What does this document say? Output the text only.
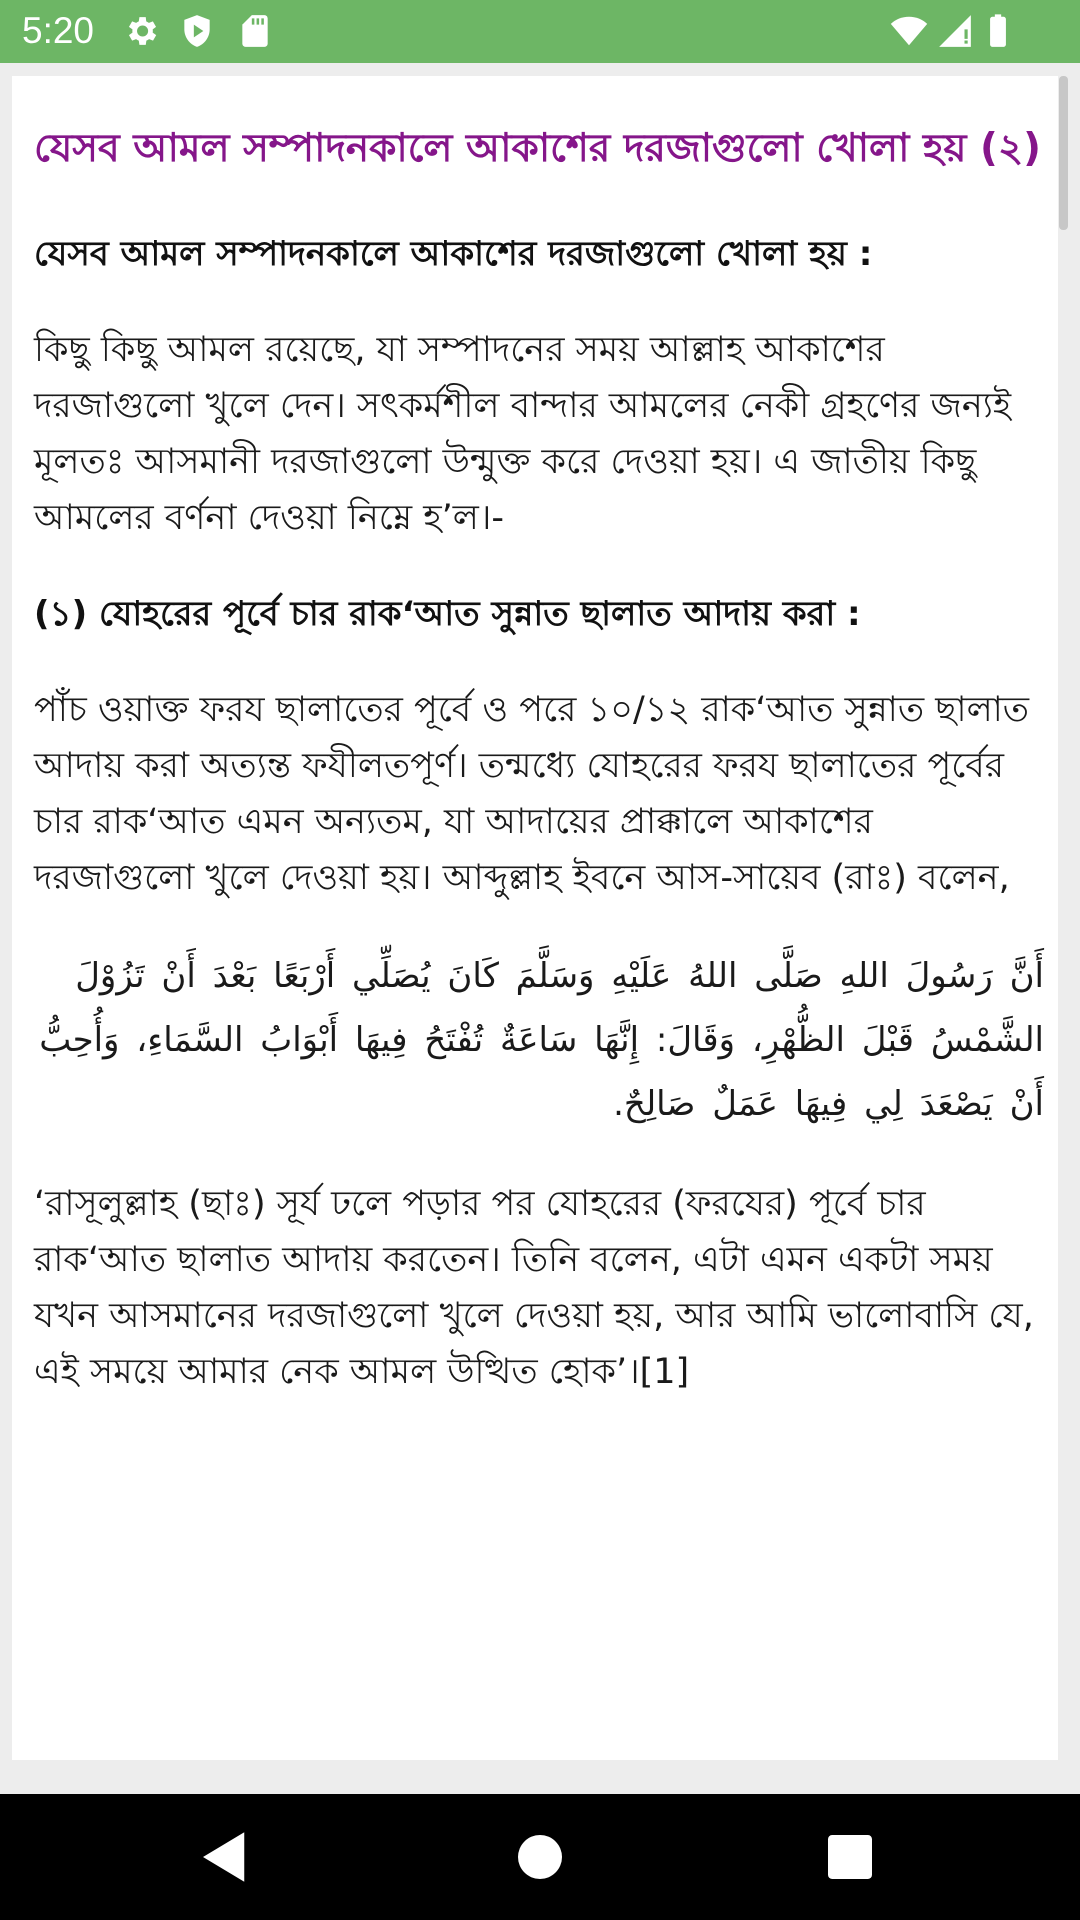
5:20
যেসব আমল সম্পাদনকালে আকাশের দরজাগুলো খোলা হয় (২)
যেসব আমল সম্পাদনকালে আকাশের দরজাগুলো খোলা হয় :

কিছু কিছু আমল রয়েছে, যা সম্পাদনের সময় আল্লাহ আকাশের দরজাগুলো খুলে দেন। সৎকর্মশীল বান্দার আমলের নেকী গ্রহণের জন্যই মূলতঃ আসমানী দরজাগুলো উন্মুক্ত করে দেওয়া হয়। এ জাতীয় কিছু আমলের বর্ণনা দেওয়া নিম্নে হ’ল।-

(১) যোহরের পূর্বে চার রাক‘আত সুন্নাত ছালাত আদায় করা :

পাঁচ ওয়াক্ত ফরয ছালাতের পূর্বে ও পরে ১০/১২ রাক‘আত সুন্নাত ছালাত আদায় করা অত্যন্ত ফযীলতপূর্ণ। তন্মধ্যে যোহরের ফরয ছালাতের পূর্বের চার রাক‘আত এমন অন্যতম, যা আদায়ের প্রাক্কালে আকাশের দরজাগুলো খুলে দেওয়া হয়। আব্দুল্লাহ ইবনে আস-সায়েব (রাঃ) বলেন,

أَنَّ رَسُولَ اللهِ صَلَّى اللهُ عَلَيْهِ وَسَلَّمَ كَانَ يُصَلِّي أَرْبَعًا بَعْدَ أَنْ تَزُوْلَ الشَّمْسُ قَبْلَ الظُّهْرِ، وَقَالَ: إِنَّهَا سَاعَةٌ تُفْتَحُ فِيهَا أَبْوَابُ السَّمَاءِ، وَأُحِبُّ أَنْ يَصْعَدَ لِي فِيهَا عَمَلٌ صَالِحٌ.

‘রাসূলুল্লাহ (ছাঃ) সূর্য ঢলে পড়ার পর যোহরের (ফরযের) পূর্বে চার রাক‘আত ছালাত আদায় করতেন। তিনি বলেন, এটা এমন একটা সময় যখন আসমানের দরজাগুলো খুলে দেওয়া হয়, আর আমি ভালোবাসি যে, এই সময়ে আমার নেক আমল উত্থিত হোক’।[1]
